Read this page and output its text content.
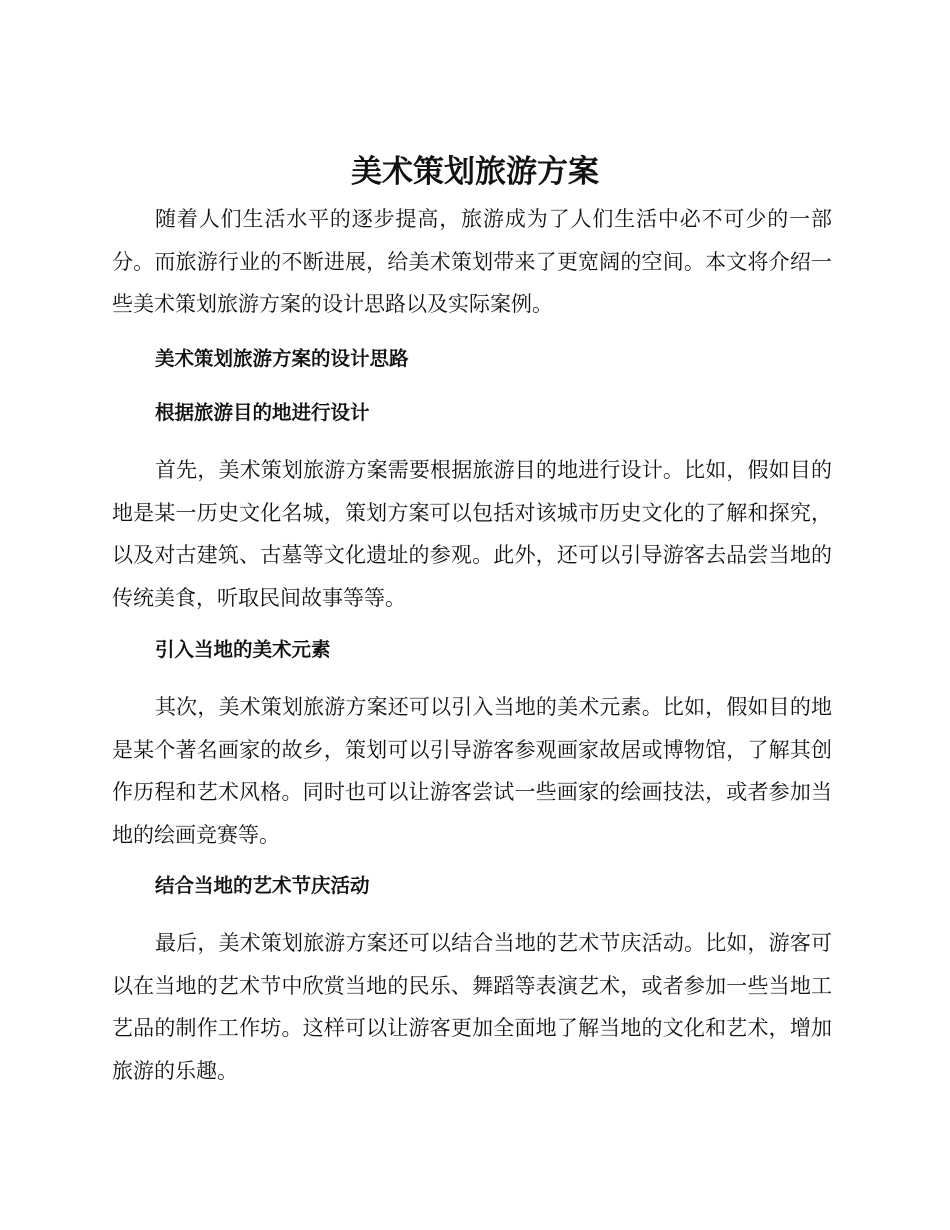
美术策划旅游方案

随着人们生活水平的逐步提高，旅游成为了人们生活中必不可少的一部分。而旅游行业的不断进展，给美术策划带来了更宽阔的空间。本文将介绍一些美术策划旅游方案的设计思路以及实际案例。

美术策划旅游方案的设计思路
根据旅游目的地进行设计

首先，美术策划旅游方案需要根据旅游目的地进行设计。比如，假如目的地是某一历史文化名城，策划方案可以包括对该城市历史文化的了解和探究，以及对古建筑、古墓等文化遗址的参观。此外，还可以引导游客去品尝当地的传统美食，听取民间故事等等。

引入当地的美术元素

其次，美术策划旅游方案还可以引入当地的美术元素。比如，假如目的地是某个著名画家的故乡，策划可以引导游客参观画家故居或博物馆，了解其创作历程和艺术风格。同时也可以让游客尝试一些画家的绘画技法，或者参加当地的绘画竞赛等。

结合当地的艺术节庆活动

最后，美术策划旅游方案还可以结合当地的艺术节庆活动。比如，游客可以在当地的艺术节中欣赏当地的民乐、舞蹈等表演艺术，或者参加一些当地工艺品的制作工作坊。这样可以让游客更加全面地了解当地的文化和艺术，增加旅游的乐趣。
